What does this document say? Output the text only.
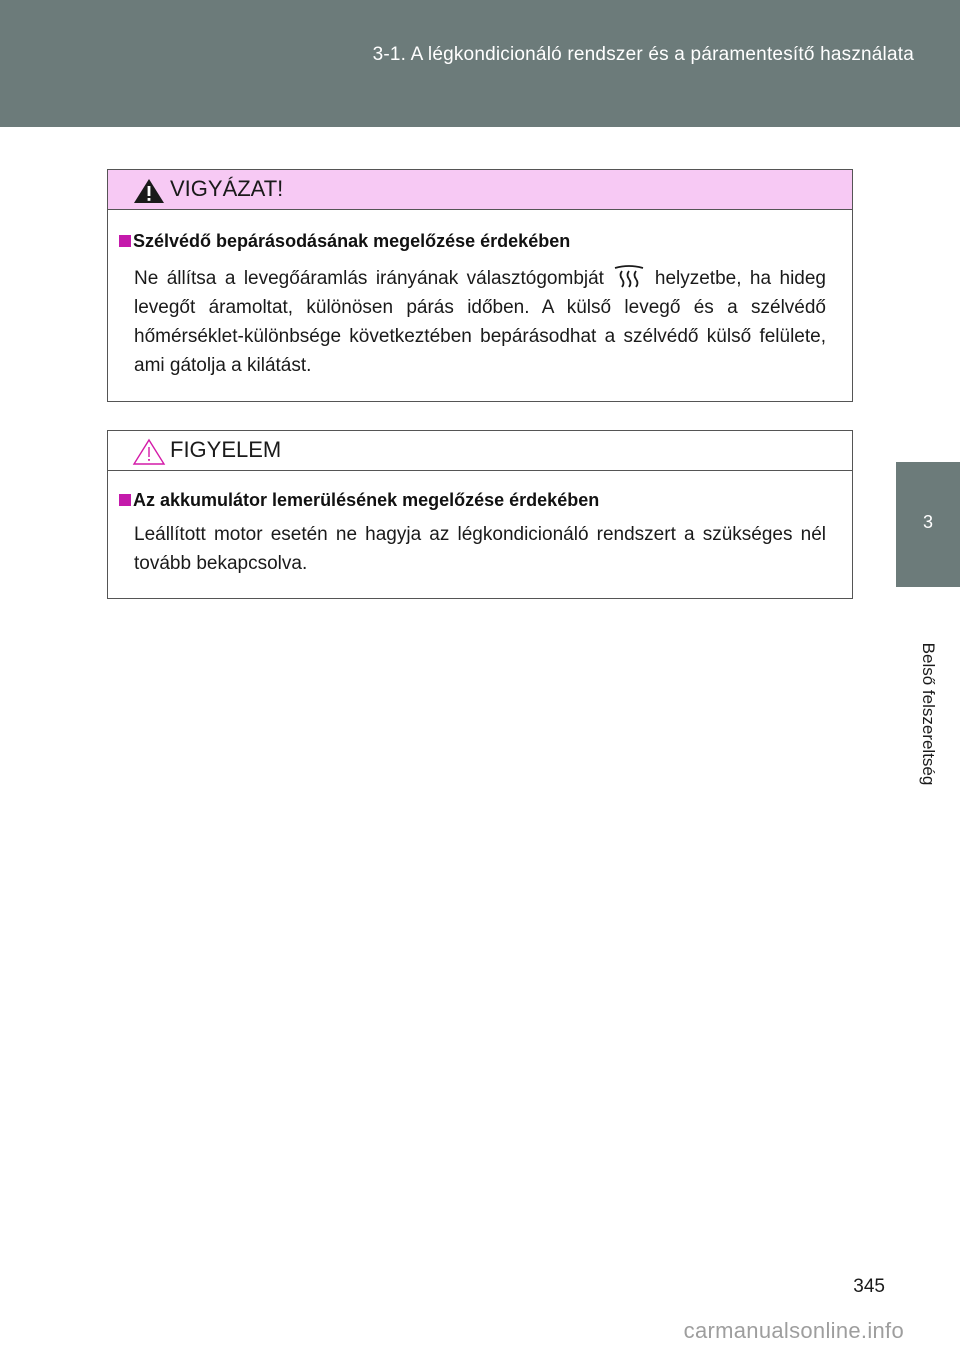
3-1. A légkondicionáló rendszer és a páramentesítő használata
3
Belső felszereltség
VIGYÁZAT!
Szélvédő bepárásodásának megelőzése érdekében

Ne állítsa a levegőáramlás irányának választógombját	helyzetbe, ha hideg levegőt áramoltat, különösen párás időben. A külső levegő és a szélvédő hőmérséklet-különbsége következtében bepárásodhat a szélvédő külső felülete, ami gátolja a kilátást.

FIGYELEM
Az akkumulátor lemerülésének megelőzése érdekében

Leállított motor esetén ne hagyja az légkondicionáló rendszert a szükséges nél tovább bekapcsolva.

345
carmanualsonline.info
